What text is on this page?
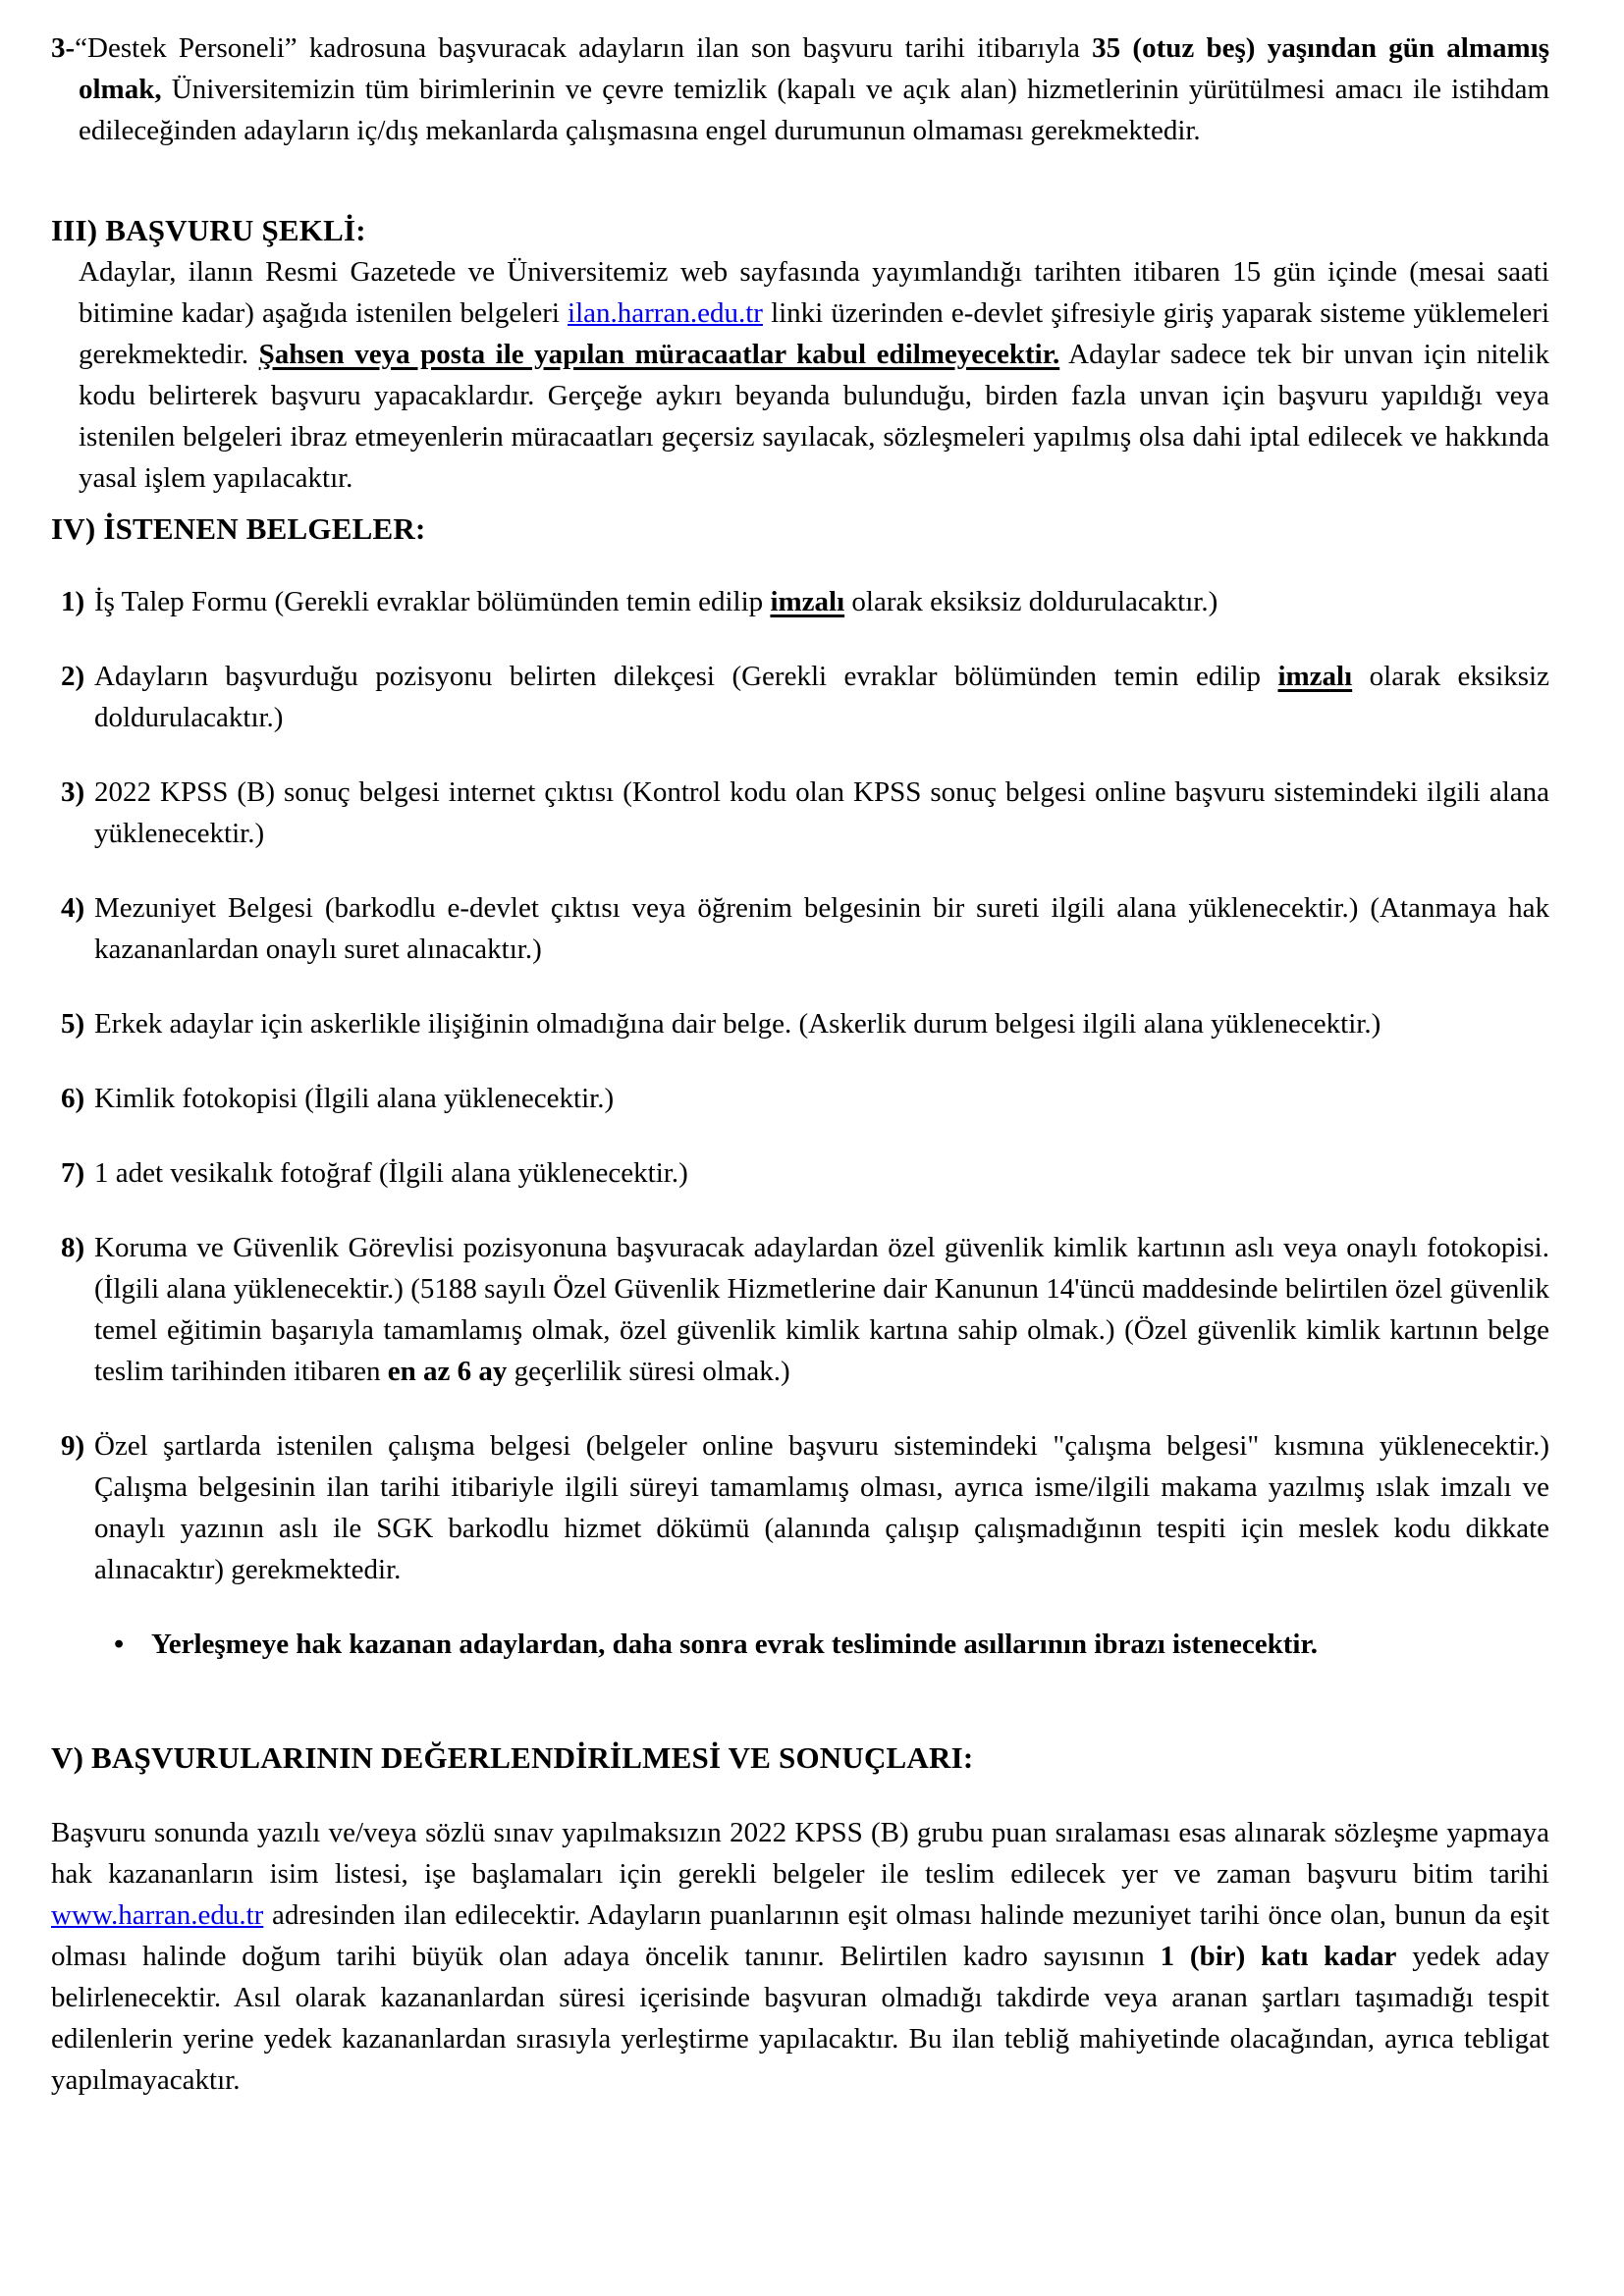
3-“Destek Personeli” kadrosuna başvuracak adayların ilan son başvuru tarihi itibarıyla 35 (otuz beş) yaşından gün almamış olmak, Üniversitemizin tüm birimlerinin ve çevre temizlik (kapalı ve açık alan) hizmetlerinin yürütülmesi amacı ile istihdam edileceğinden adayların iç/dış mekanlarda çalışmasına engel durumunun olmaması gerekmektedir.

III) BAŞVURU ŞEKLİ:

Adaylar, ilanın Resmi Gazetede ve Üniversitemiz web sayfasında yayımlandığı tarihten itibaren 15 gün içinde (mesai saati bitimine kadar) aşağıda istenilen belgeleri ilan.harran.edu.tr linki üzerinden e-devlet şifresiyle giriş yaparak sisteme yüklemeleri gerekmektedir. Şahsen veya posta ile yapılan müracaatlar kabul edilmeyecektir. Adaylar sadece tek bir unvan için nitelik kodu belirterek başvuru yapacaklardır. Gerçeğe aykırı beyanda bulunduğu, birden fazla unvan için başvuru yapıldığı veya istenilen belgeleri ibraz etmeyenlerin müracaatları geçersiz sayılacak, sözleşmeleri yapılmış olsa dahi iptal edilecek ve hakkında yasal işlem yapılacaktır.

IV) İSTENEN BELGELER:
1) İş Talep Formu (Gerekli evraklar bölümünden temin edilip imzalı olarak eksiksiz doldurulacaktır.)
2) Adayların başvurduğu pozisyonu belirten dilekçesi (Gerekli evraklar bölümünden temin edilip imzalı olarak eksiksiz doldurulacaktır.)
3) 2022 KPSS (B) sonuç belgesi internet çıktısı (Kontrol kodu olan KPSS sonuç belgesi online başvuru sistemindeki ilgili alana yüklenecektir.)
4) Mezuniyet Belgesi (barkodlu e-devlet çıktısı veya öğrenim belgesinin bir sureti ilgili alana yüklenecektir.) (Atanmaya hak kazananlardan onaylı suret alınacaktır.)
5) Erkek adaylar için askerlikle ilişiğinin olmadığına dair belge. (Askerlik durum belgesi ilgili alana yüklenecektir.)
6) Kimlik fotokopisi (İlgili alana yüklenecektir.)
7) 1 adet vesikalık fotoğraf (İlgili alana yüklenecektir.)
8) Koruma ve Güvenlik Görevlisi pozisyonuna başvuracak adaylardan özel güvenlik kimlik kartının aslı veya onaylı fotokopisi. (İlgili alana yüklenecektir.) (5188 sayılı Özel Güvenlik Hizmetlerine dair Kanunun 14'üncü maddesinde belirtilen özel güvenlik temel eğitimin başarıyla tamamlamış olmak, özel güvenlik kimlik kartına sahip olmak.) (Özel güvenlik kimlik kartının belge teslim tarihinden itibaren en az 6 ay geçerlilik süresi olmak.)
9) Özel şartlarda istenilen çalışma belgesi (belgeler online başvuru sistemindeki "çalışma belgesi" kısmına yüklenecektir.) Çalışma belgesinin ilan tarihi itibariyle ilgili süreyi tamamlamış olması, ayrıca isme/ilgili makama yazılmış ıslak imzalı ve onaylı yazının aslı ile SGK barkodlu hizmet dökümü (alanında çalışıp çalışmadığının tespiti için meslek kodu dikkate alınacaktır) gerekmektedir.

• Yerleşmeye hak kazanan adaylardan, daha sonra evrak tesliminde asıllarının ibrazı istenecektir.

V) BAŞVURULARININ DEĞERLENDİRİLMESİ VE SONUÇLARI:

Başvuru sonunda yazılı ve/veya sözlü sınav yapılmaksızın 2022 KPSS (B) grubu puan sıralaması esas alınarak sözleşme yapmaya hak kazananların isim listesi, işe başlamaları için gerekli belgeler ile teslim edilecek yer ve zaman başvuru bitim tarihi www.harran.edu.tr adresinden ilan edilecektir. Adayların puanlarının eşit olması halinde mezuniyet tarihi önce olan, bunun da eşit olması halinde doğum tarihi büyük olan adaya öncelik tanınır. Belirtilen kadro sayısının 1 (bir) katı kadar yedek aday belirlenecektir. Asıl olarak kazananlardan süresi içerisinde başvuran olmadığı takdirde veya aranan şartları taşımadığı tespit edilenlerin yerine yedek kazananlardan sırasıyla yerleştirme yapılacaktır. Bu ilan tebliğ mahiyetinde olacağından, ayrıca tebligat yapılmayacaktır.
